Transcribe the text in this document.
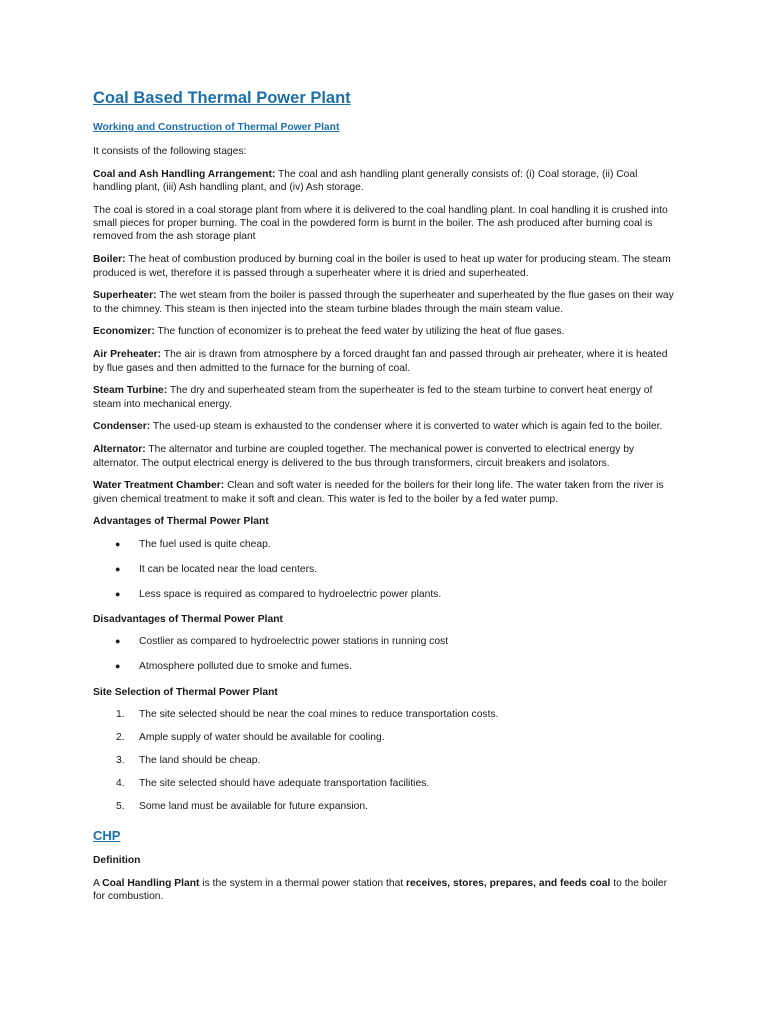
Coal Based Thermal Power Plant
Working and Construction of Thermal Power Plant

It consists of the following stages:

Coal and Ash Handling Arrangement: The coal and ash handling plant generally consists of: (i) Coal storage, (ii) Coal handling plant, (iii) Ash handling plant, and (iv) Ash storage.

The coal is stored in a coal storage plant from where it is delivered to the coal handling plant. In coal handling it is crushed into small pieces for proper burning. The coal in the powdered form is burnt in the boiler. The ash produced after burning coal is removed from the ash storage plant

Boiler: The heat of combustion produced by burning coal in the boiler is used to heat up water for producing steam. The steam produced is wet, therefore it is passed through a superheater where it is dried and superheated.

Superheater: The wet steam from the boiler is passed through the superheater and superheated by the flue gases on their way to the chimney. This steam is then injected into the steam turbine blades through the main steam value.

Economizer: The function of economizer is to preheat the feed water by utilizing the heat of flue gases.

Air Preheater: The air is drawn from atmosphere by a forced draught fan and passed through air preheater, where it is heated by flue gases and then admitted to the furnace for the burning of coal.

Steam Turbine: The dry and superheated steam from the superheater is fed to the steam turbine to convert heat energy of steam into mechanical energy.

Condenser: The used-up steam is exhausted to the condenser where it is converted to water which is again fed to the boiler.

Alternator: The alternator and turbine are coupled together. The mechanical power is converted to electrical energy by alternator. The output electrical energy is delivered to the bus through transformers, circuit breakers and isolators.

Water Treatment Chamber: Clean and soft water is needed for the boilers for their long life. The water taken from the river is given chemical treatment to make it soft and clean. This water is fed to the boiler by a fed water pump.

Advantages of Thermal Power Plant
● The fuel used is quite cheap.
● It can be located near the load centers.
● Less space is required as compared to hydroelectric power plants.
Disadvantages of Thermal Power Plant
● Costlier as compared to hydroelectric power stations in running cost
● Atmosphere polluted due to smoke and fumes.
Site Selection of Thermal Power Plant
1. The site selected should be near the coal mines to reduce transportation costs.
2. Ample supply of water should be available for cooling.
3. The land should be cheap.
4. The site selected should have adequate transportation facilities.
5. Some land must be available for future expansion.
CHP
Definition

A Coal Handling Plant is the system in a thermal power station that receives, stores, prepares, and feeds coal to the boiler for combustion.
